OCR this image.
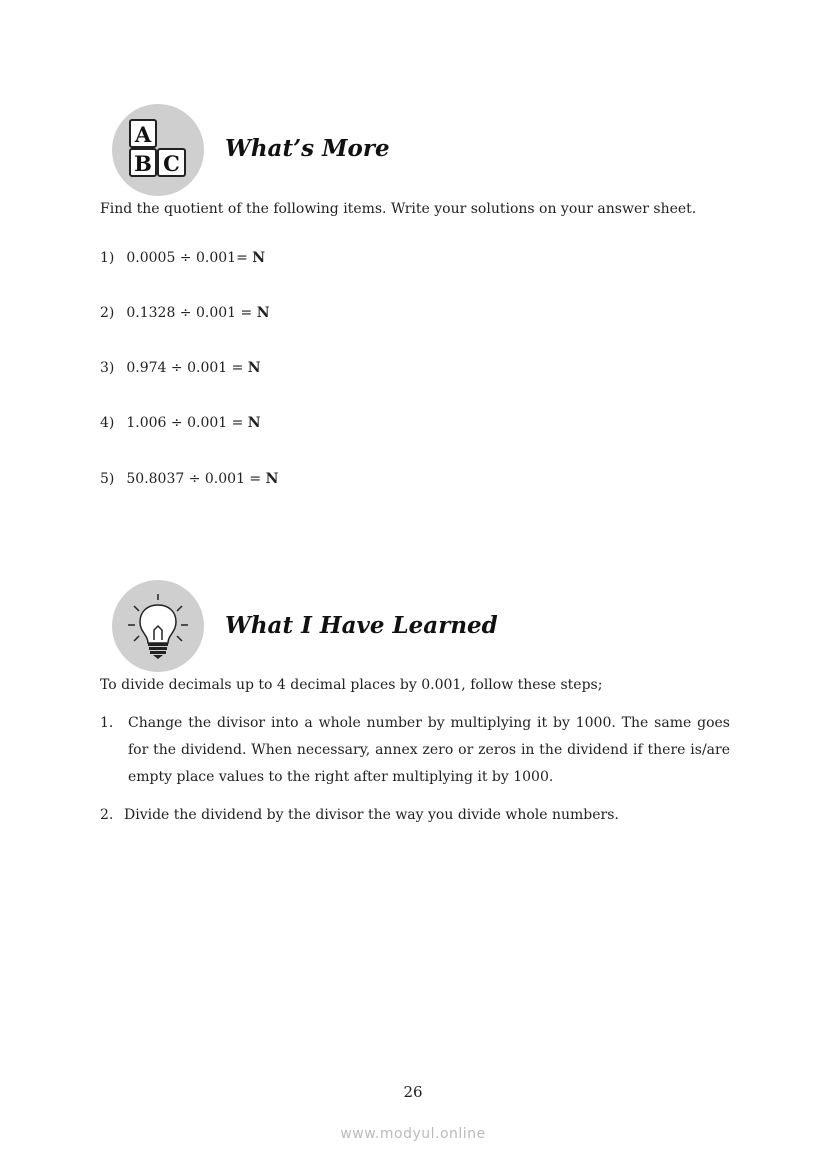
A
B C
What’s More
Find the quotient of the following items. Write your solutions on your answer sheet.
1) 0.0005 ÷ 0.001= N
2) 0.1328 ÷ 0.001 = N
3) 0.974 ÷ 0.001 = N
4) 1.006 ÷ 0.001 = N
5) 50.8037 ÷ 0.001 = N
What I Have Learned
To divide decimals up to 4 decimal places by 0.001, follow these steps;
1. Change the divisor into a whole number by multiplying it by 1000. The same goes for the dividend. When necessary, annex zero or zeros in the dividend if there is/are empty place values to the right after multiplying it by 1000.
2. Divide the dividend by the divisor the way you divide whole numbers.
26
www.modyul.online
